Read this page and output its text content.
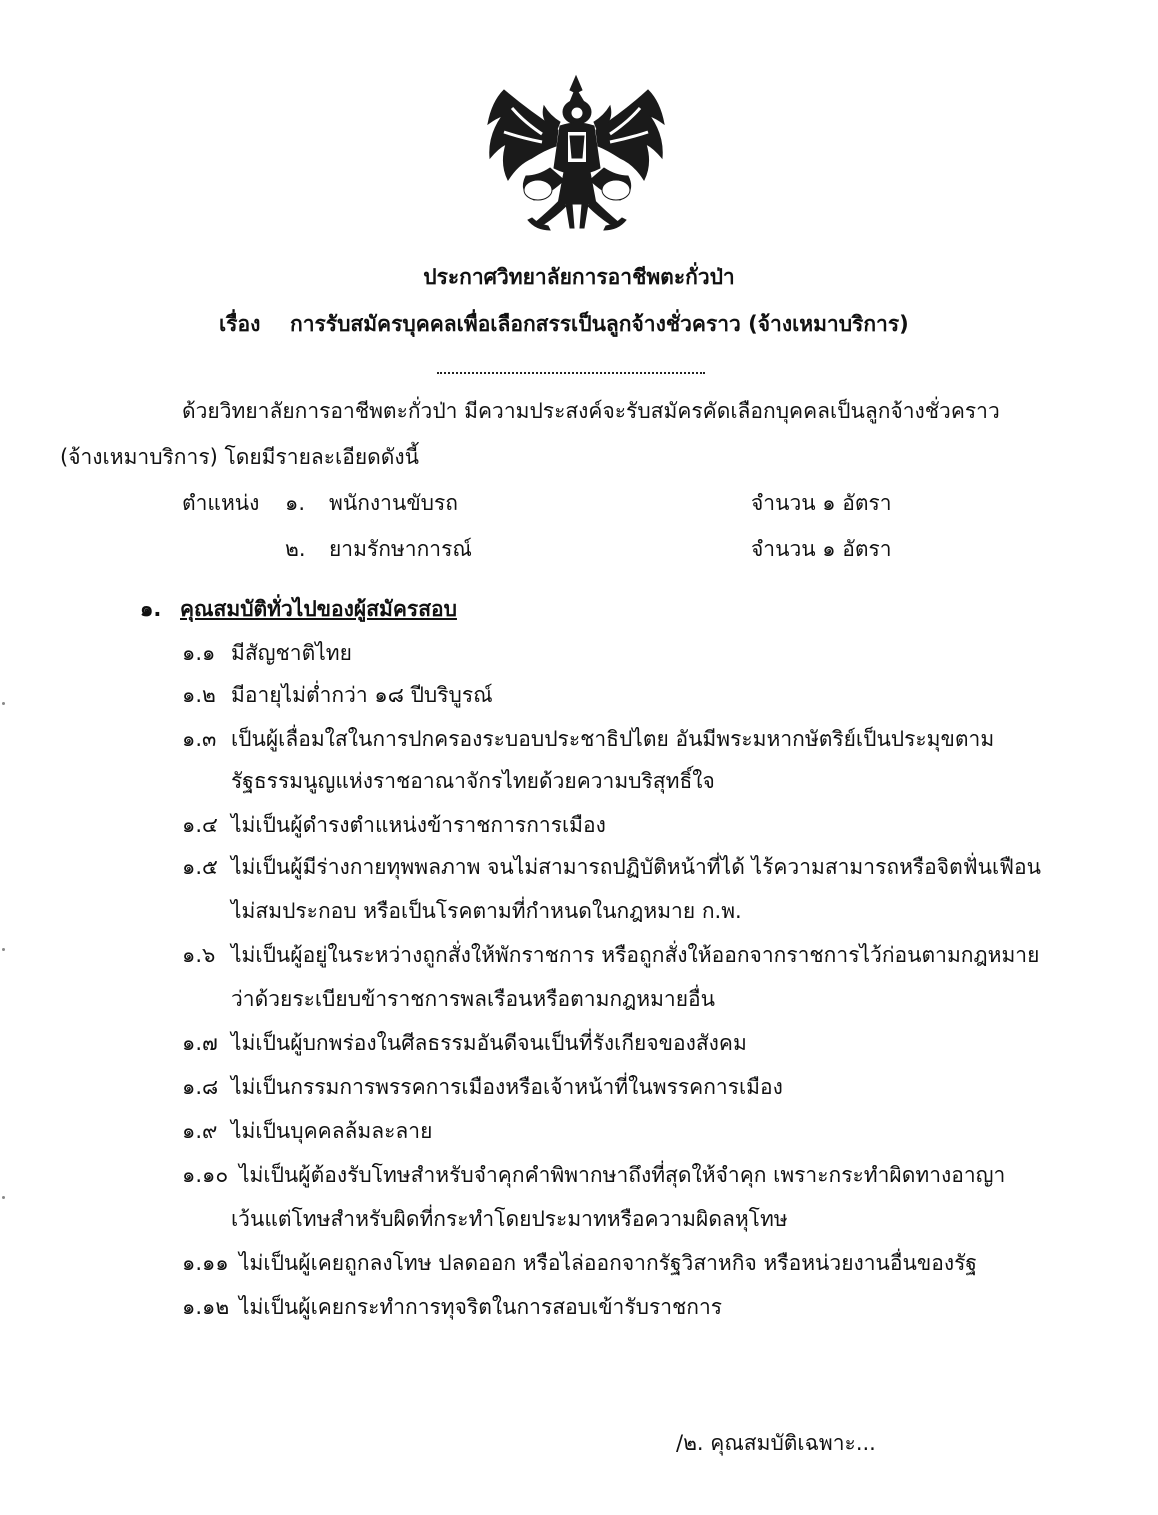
ประกาศวิทยาลัยการอาชีพตะกั่วป่า
เรื่อง การรับสมัครบุคคลเพื่อเลือกสรรเป็นลูกจ้างชั่วคราว (จ้างเหมาบริการ)
ด้วยวิทยาลัยการอาชีพตะกั่วป่า มีความประสงค์จะรับสมัครคัดเลือกบุคคลเป็นลูกจ้างชั่วคราว
(จ้างเหมาบริการ) โดยมีรายละเอียดดังนี้
ตำแหน่ง ๑. พนักงานขับรถ	จำนวน ๑ อัตรา
๒. ยามรักษาการณ์	จำนวน ๑ อัตรา
๑. คุณสมบัติทั่วไปของผู้สมัครสอบ
๑.๑ มีสัญชาติไทย
๑.๒ มีอายุไม่ต่ำกว่า ๑๘ ปีบริบูรณ์
๑.๓ เป็นผู้เลื่อมใสในการปกครองระบอบประชาธิปไตย อันมีพระมหากษัตริย์เป็นประมุขตาม
รัฐธรรมนูญแห่งราชอาณาจักรไทยด้วยความบริสุทธิ์ใจ
๑.๔ ไม่เป็นผู้ดำรงตำแหน่งข้าราชการการเมือง
๑.๕ ไม่เป็นผู้มีร่างกายทุพพลภาพ จนไม่สามารถปฏิบัติหน้าที่ได้ ไร้ความสามารถหรือจิตฟั่นเฟือน
ไม่สมประกอบ หรือเป็นโรคตามที่กำหนดในกฎหมาย ก.พ.
๑.๖ ไม่เป็นผู้อยู่ในระหว่างถูกสั่งให้พักราชการ หรือถูกสั่งให้ออกจากราชการไว้ก่อนตามกฎหมาย
ว่าด้วยระเบียบข้าราชการพลเรือนหรือตามกฎหมายอื่น
๑.๗ ไม่เป็นผู้บกพร่องในศีลธรรมอันดีจนเป็นที่รังเกียจของสังคม
๑.๘ ไม่เป็นกรรมการพรรคการเมืองหรือเจ้าหน้าที่ในพรรคการเมือง
๑.๙ ไม่เป็นบุคคลล้มละลาย
๑.๑๐ ไม่เป็นผู้ต้องรับโทษสำหรับจำคุกคำพิพากษาถึงที่สุดให้จำคุก เพราะกระทำผิดทางอาญา
เว้นแต่โทษสำหรับผิดที่กระทำโดยประมาทหรือความผิดลหุโทษ
๑.๑๑ ไม่เป็นผู้เคยถูกลงโทษ ปลดออก หรือไล่ออกจากรัฐวิสาหกิจ หรือหน่วยงานอื่นของรัฐ
๑.๑๒ ไม่เป็นผู้เคยกระทำการทุจริตในการสอบเข้ารับราชการ
/๒. คุณสมบัติเฉพาะ...
